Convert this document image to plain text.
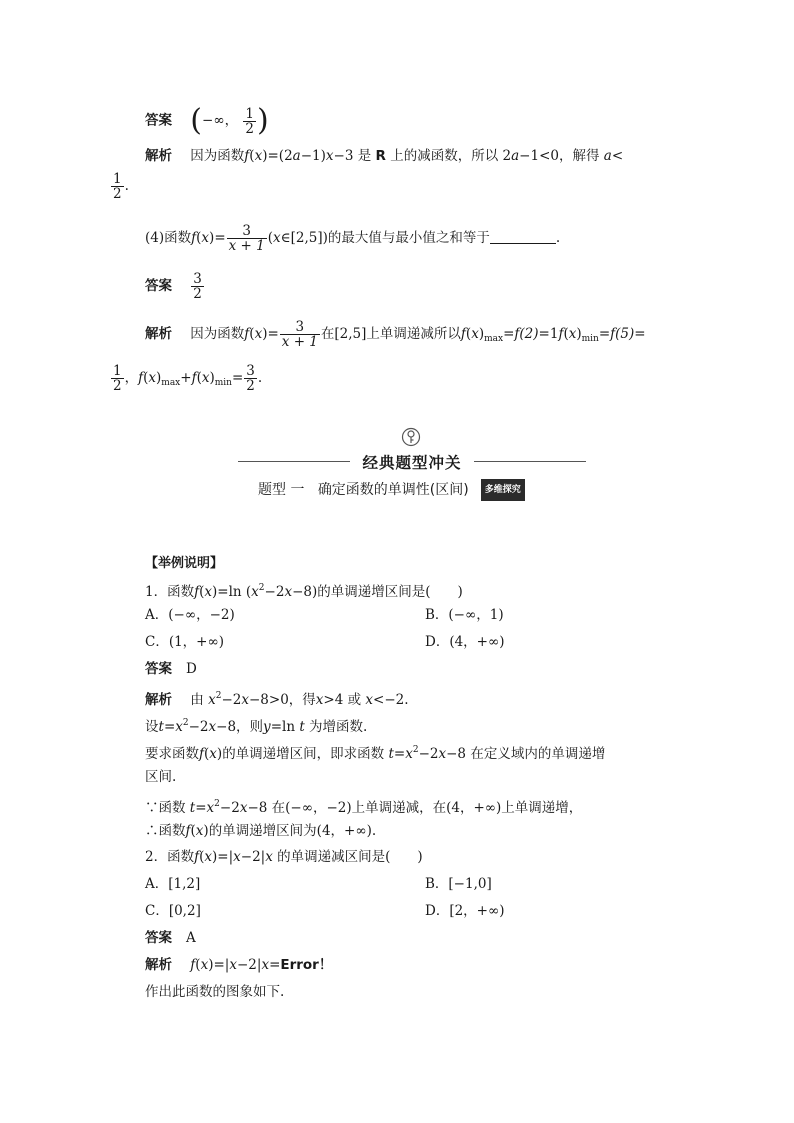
答案 (−∞， $\frac{1}{2}$ )
解析 因为函数f(x)=(2a−1)x−3 是 R 上的减函数，所以 2a−1<0，解得 a<
$\frac{1}{2}$ .
(4)函数$f(x)= \frac{3}{x + 1}$ (x∈[2,5])的最大值与最小值之和等于	.
答案 $\frac{3}{2}$
解析 因为函数$f(x)= \frac{3}{x + 1}$ 在[2,5]上单调递减所以$f(x)_{max}=f(2)=1f(x)_{min}=f(5)=$
$\frac{1}{2}$ ，$f(x)_{max}+f(x)_{min}= \frac{3}{2}$ .
经典题型冲关
题型 一 确定函数的单调性(区间) 多维探究
【举例说明】
1．函数f(x)=ln $(x^2-2x-8)$的单调递增区间是(　　)
A．(−∞，−2)	B．(−∞，1)
C．(1，+∞)	D．(4，+∞)
答案 D
解析 由 $x^2-2x-8>0$，得x>4 或 x<−2.
设$t=x^2-2x-8$，则y=ln t 为增函数.
要求函数f(x)的单调递增区间，即求函数 $t=x^2-2x-8$ 在定义域内的单调递增
区间.
∵函数 $t=x^2-2x-8$ 在(−∞，−2)上单调递减，在(4，+∞)上单调递增，
∴函数f(x)的单调递增区间为(4，+∞).
2．函数f(x)=|x−2|x 的单调递减区间是(　　)
A．[1,2]	B．[−1,0]
C．[0,2]	D．[2，+∞)
答案 A
解析 f(x)=|x−2|x=Error！
作出此函数的图象如下.
